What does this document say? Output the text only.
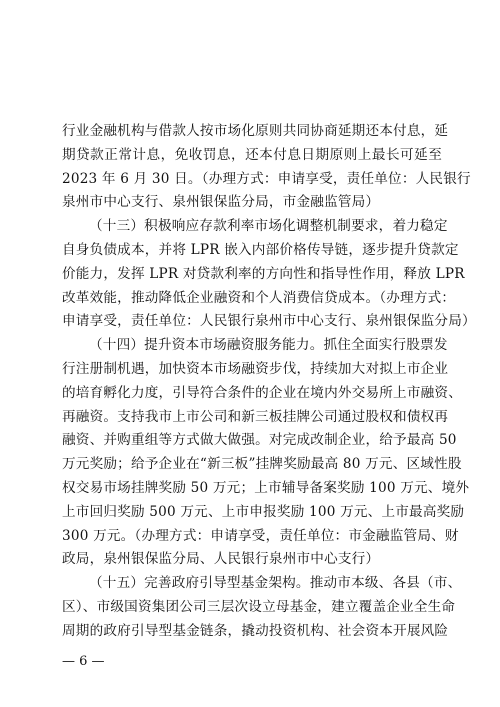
行业金融机构与借款人按市场化原则共同协商延期还本付息，延
期贷款正常计息，免收罚息，还本付息日期原则上最长可延至
2023 年 6 月 30 日。（办理方式：申请享受，责任单位：人民银行
泉州市中心支行、泉州银保监分局，市金融监管局）
（十三）积极响应存款利率市场化调整机制要求，着力稳定
自身负债成本，并将 LPR 嵌入内部价格传导链，逐步提升贷款定
价能力，发挥 LPR 对贷款利率的方向性和指导性作用，释放 LPR
改革效能，推动降低企业融资和个人消费信贷成本。（办理方式：
申请享受，责任单位：人民银行泉州市中心支行、泉州银保监分局）
（十四）提升资本市场融资服务能力。抓住全面实行股票发
行注册制机遇，加快资本市场融资步伐，持续加大对拟上市企业
的培育孵化力度，引导符合条件的企业在境内外交易所上市融资、
再融资。支持我市上市公司和新三板挂牌公司通过股权和债权再
融资、并购重组等方式做大做强。对完成改制企业，给予最高 50
万元奖励；给予企业在“新三板”挂牌奖励最高 80 万元、区域性股
权交易市场挂牌奖励 50 万元；上市辅导备案奖励 100 万元、境外
上市回归奖励 500 万元、上市申报奖励 100 万元、上市最高奖励
300 万元。（办理方式：申请享受，责任单位：市金融监管局、财
政局，泉州银保监分局、人民银行泉州市中心支行）
（十五）完善政府引导型基金架构。推动市本级、各县（市、
区）、市级国资集团公司三层次设立母基金，建立覆盖企业全生命
周期的政府引导型基金链条，撬动投资机构、社会资本开展风险
— 6 —
